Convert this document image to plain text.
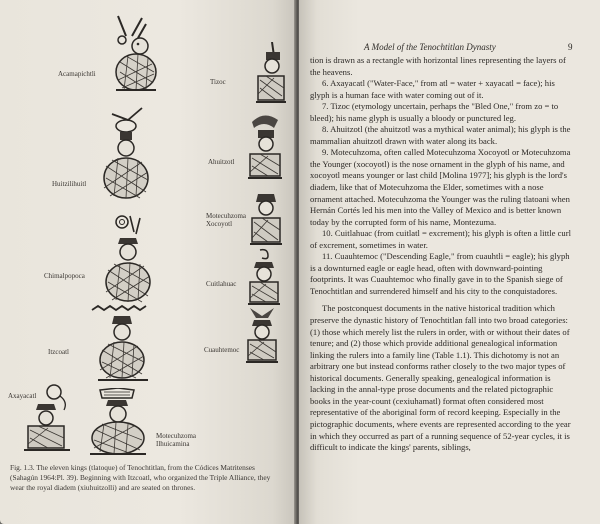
Acamapichtli
Tizoc
Huitzilihuitl
Ahuitzotl
Motecuhzoma Xocoyotl
Chimalpopoca
Cuitlahuac
Itzcoatl	Cuauhtemoc
Axayacatl
Motecuhzoma Ilhuicamina
Fig. 1.3. The eleven kings (tlatoque) of Tenochtitlan, from the Códices Matritenses (Sahagún 1964:Pl. 39). Beginning with Itzcoatl, who organized the Triple Alliance, they wear the royal diadem (xiuhuitzolli) and are seated on thrones.
A Model of the Tenochtitlan Dynasty	9

tion is drawn as a rectangle with horizontal lines representing the layers of the heavens.

6. Axayacatl ("Water-Face," from atl = water + xayacatl = face); his glyph is a human face with water coming out of it.

7. Tizoc (etymology uncertain, perhaps the "Bled One," from zo = to bleed); his name glyph is usually a bloody or punctured leg.

8. Ahuitzotl (the ahuitzotl was a mythical water animal); his glyph is the mammalian ahuitzotl drawn with water along its back.

9. Motecuhzoma, often called Motecuhzoma Xocoyotl or Motecuhzoma the Younger (xocoyotl) is the nose ornament in the glyph of his name, and xocoyotl means younger or last child [Molina 1977]; his glyph is the lord's diadem, like that of Motecuhzoma the Elder, sometimes with a nose ornament attached. Motecuhzoma the Younger was the ruling tlatoani when Hernán Cortés led his men into the Valley of Mexico and is better known today by the corrupted form of his name, Montezuma.

10. Cuitlahuac (from cuitlatl = excrement); his glyph is often a little curl of excrement, sometimes in water.

11. Cuauhtemoc ("Descending Eagle," from cuauhtli = eagle); his glyph is a downturned eagle or eagle head, often with downward-pointing footprints. It was Cuauhtemoc who finally gave in to the Spanish siege of Tenochtitlan and surrendered himself and his city to the conquistadores.

The postconquest documents in the native historical tradition which preserve the dynastic history of Tenochtitlan fall into two broad categories: (1) those which merely list the rulers in order, with or without their dates of tenure; and (2) those which provide additional genealogical information linking the rulers into a family line (Table 1.1). This dichotomy is not an arbitrary one but instead conforms rather closely to the two major types of historical documents. Generally speaking, genealogical information is lacking in the annal-type prose documents and the related pictographic books in the year-count (cexiuhamatl) format often considered most representative of the aboriginal form of record keeping. Especially in the pictographic documents, where events are represented according to the year in which they occurred as part of a running sequence of 52-year cycles, it is difficult to indicate the kings' parents, siblings,
